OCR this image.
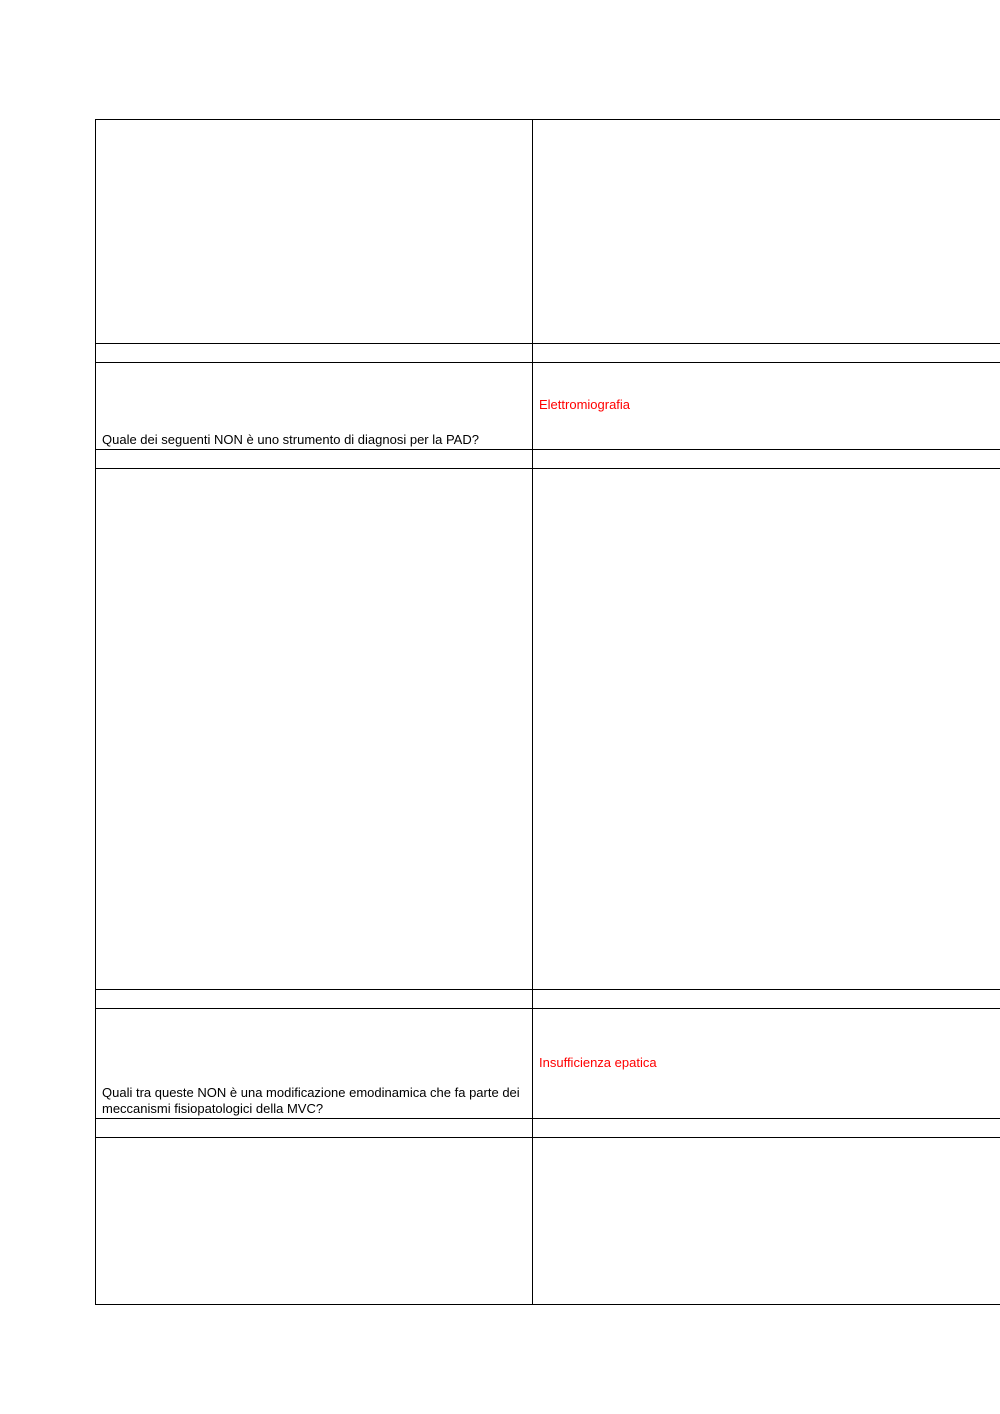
Quale dei seguenti NON è uno strumento di diagnosi per la PAD?	Elettromiografia

Quali tra queste NON è una modificazione emodinamica che fa parte dei meccanismi fisiopatologici della MVC?	Insufficienza epatica
